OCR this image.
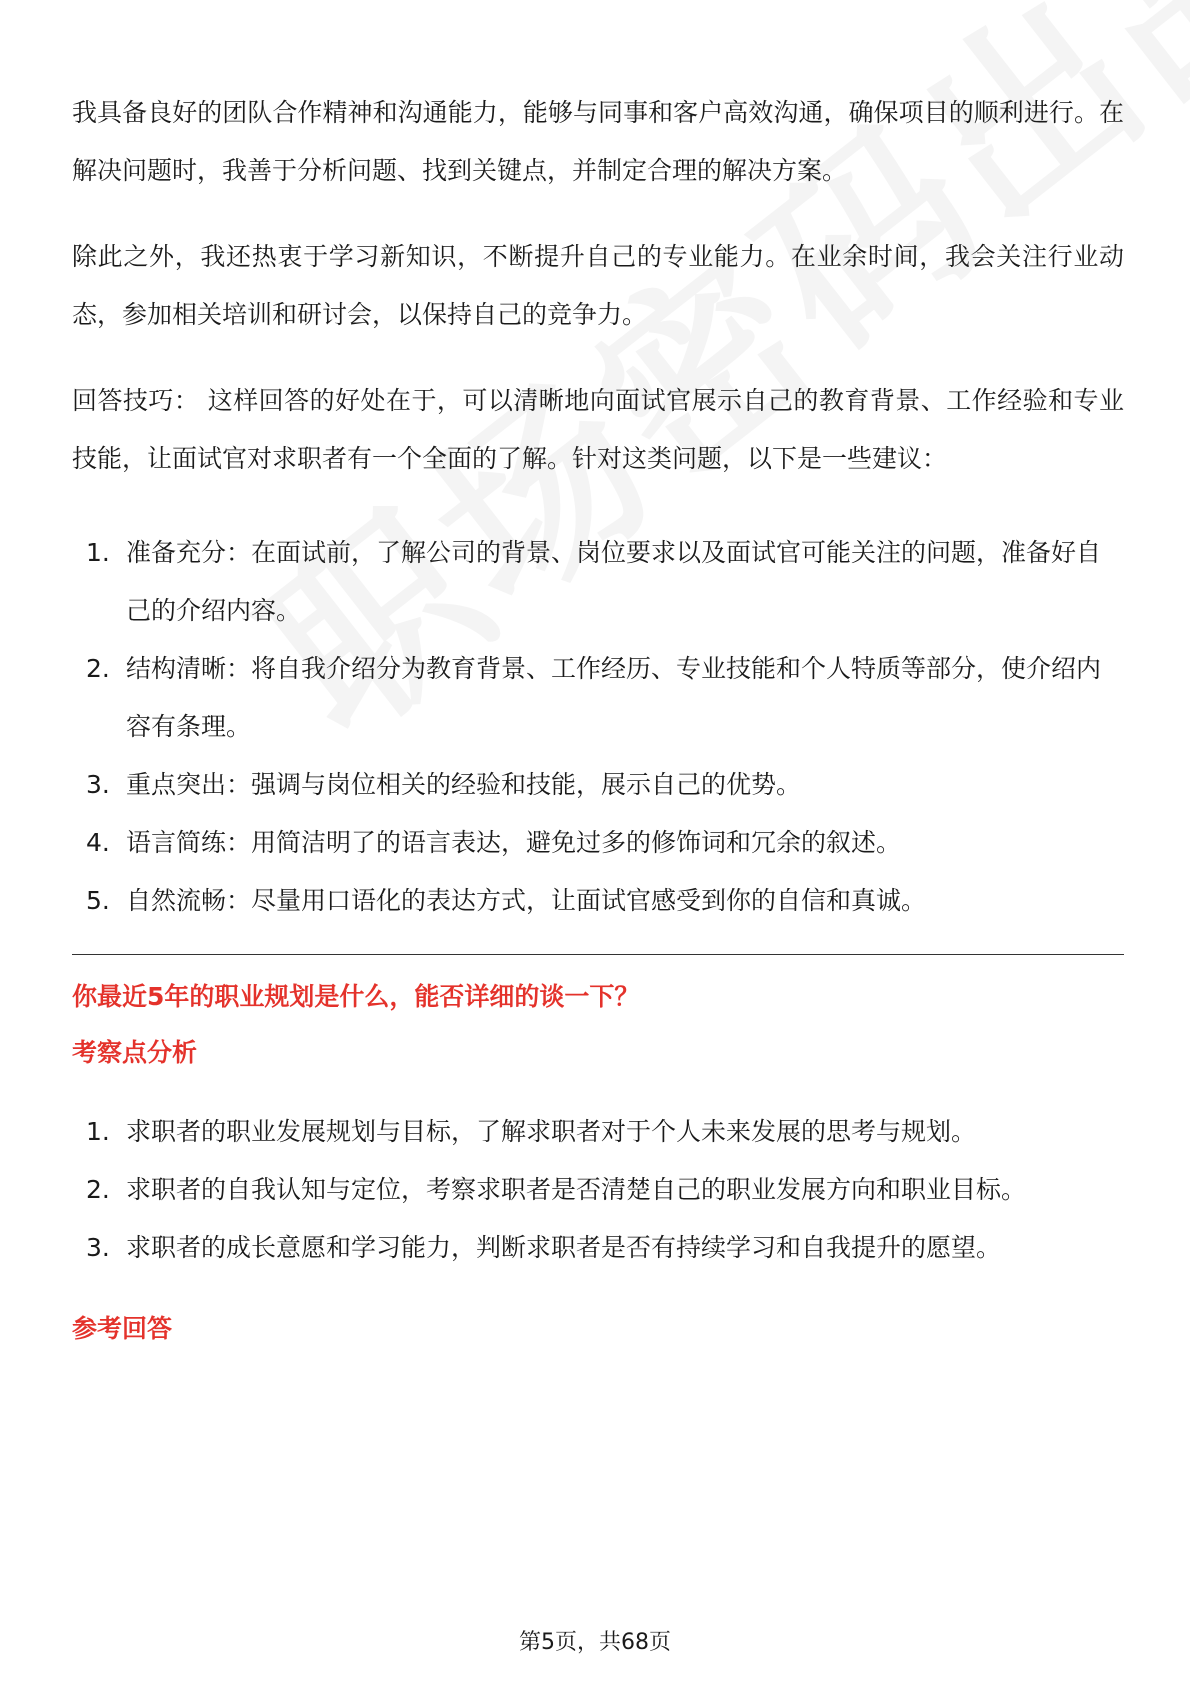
我具备良好的团队合作精神和沟通能力，能够与同事和客户高效沟通，确保项目的顺利进行。在解决问题时，我善于分析问题、找到关键点，并制定合理的解决方案。

除此之外，我还热衷于学习新知识，不断提升自己的专业能力。在业余时间，我会关注行业动态，参加相关培训和研讨会，以保持自己的竞争力。

回答技巧： 这样回答的好处在于，可以清晰地向面试官展示自己的教育背景、工作经验和专业技能，让面试官对求职者有一个全面的了解。针对这类问题，以下是一些建议：

1. 准备充分：在面试前，了解公司的背景、岗位要求以及面试官可能关注的问题，准备好自己的介绍内容。
2. 结构清晰：将自我介绍分为教育背景、工作经历、专业技能和个人特质等部分，使介绍内容有条理。
3. 重点突出：强调与岗位相关的经验和技能，展示自己的优势。
4. 语言简练：用简洁明了的语言表达，避免过多的修饰词和冗余的叙述。
5. 自然流畅：尽量用口语化的表达方式，让面试官感受到你的自信和真诚。

你最近5年的职业规划是什么，能否详细的谈一下？

考察点分析

1. 求职者的职业发展规划与目标，了解求职者对于个人未来发展的思考与规划。
2. 求职者的自我认知与定位，考察求职者是否清楚自己的职业发展方向和职业目标。
3. 求职者的成长意愿和学习能力，判断求职者是否有持续学习和自我提升的愿望。

参考回答

第5页，共68页
